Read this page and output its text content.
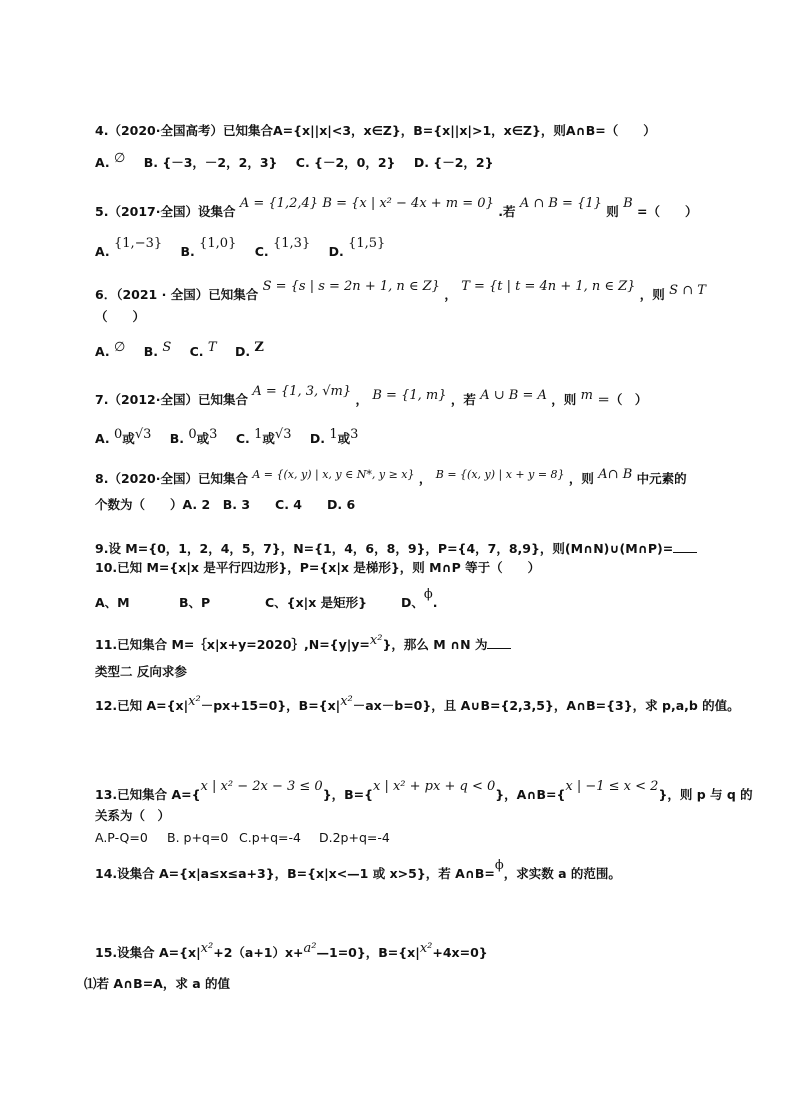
4.（2020·全国高考）已知集合A={x||x|<3，x∈Z}，B={x||x|>1，x∈Z}，则A∩B=（　　）
A. ∅ B. {－3，－2，2，3} C. {－2，0，2} D. {－2，2}
5.（2017·全国）设集合 A = {1,2,4} B = {x | x² − 4x + m = 0} .若 A ∩ B = {1} 则 B =（　　）
A. {1,−3} B. {1,0} C. {1,3} D. {1,5}
6．（2021 · 全国）已知集合 S = {s | s = 2n + 1, n ∈ Z} ， T = {t | t = 4n + 1, n ∈ Z} ，则 S ∩ T
（　　）
A. ∅ B. S C. T D. Z
7.（2012·全国）已知集合 A = {1, 3, √m} ， B = {1, m} ，若 A ∪ B = A ，则 m ＝（　）
A. 0或√3 B. 0或3 C. 1或√3 D. 1或3
8.（2020·全国）已知集合 A = {(x, y) | x, y ∈ N*, y ≥ x} ， B = {(x, y) | x + y = 8} ，则 A∩ B 中元素的
个数为（　　）A. 2　B. 3　　C. 4　　D. 6
9.设 M={0，1，2，4，5，7}，N={1，4，6，8，9}，P={4，7，8,9}，则(M∩N)∪(M∩P)=
10.已知 M={x|x 是平行四边形}，P={x|x 是梯形}，则 M∩P 等于（　　）
A、M	B、P	C、{x|x 是矩形}	D、ϕ.
11.已知集合 M=｛x|x+y=2020｝,N={y|y=x²}，那么 M ∩N 为
类型二 反向求参
12.已知 A={x|x²－px+15=0}，B={x|x²－ax－b=0}，且 A∪B={2,3,5}，A∩B={3}，求 p,a,b 的值。
13.已知集合 A={x | x² − 2x − 3 ≤ 0}，B={x | x² + px + q < 0}，A∩B={x | −1 ≤ x < 2}，则 p 与 q 的
关系为（　）
A.P-Q=0 B. p+q=0 C.p+q=-4 D.2p+q=-4
14.设集合 A={x|a≤x≤a+3}，B={x|x<—1 或 x>5}，若 A∩B=ϕ，求实数 a 的范围。
15.设集合 A={x|x²+2（a+1）x+a²—1=0}，B={x|x²+4x=0}
⑴若 A∩B=A，求 a 的值
